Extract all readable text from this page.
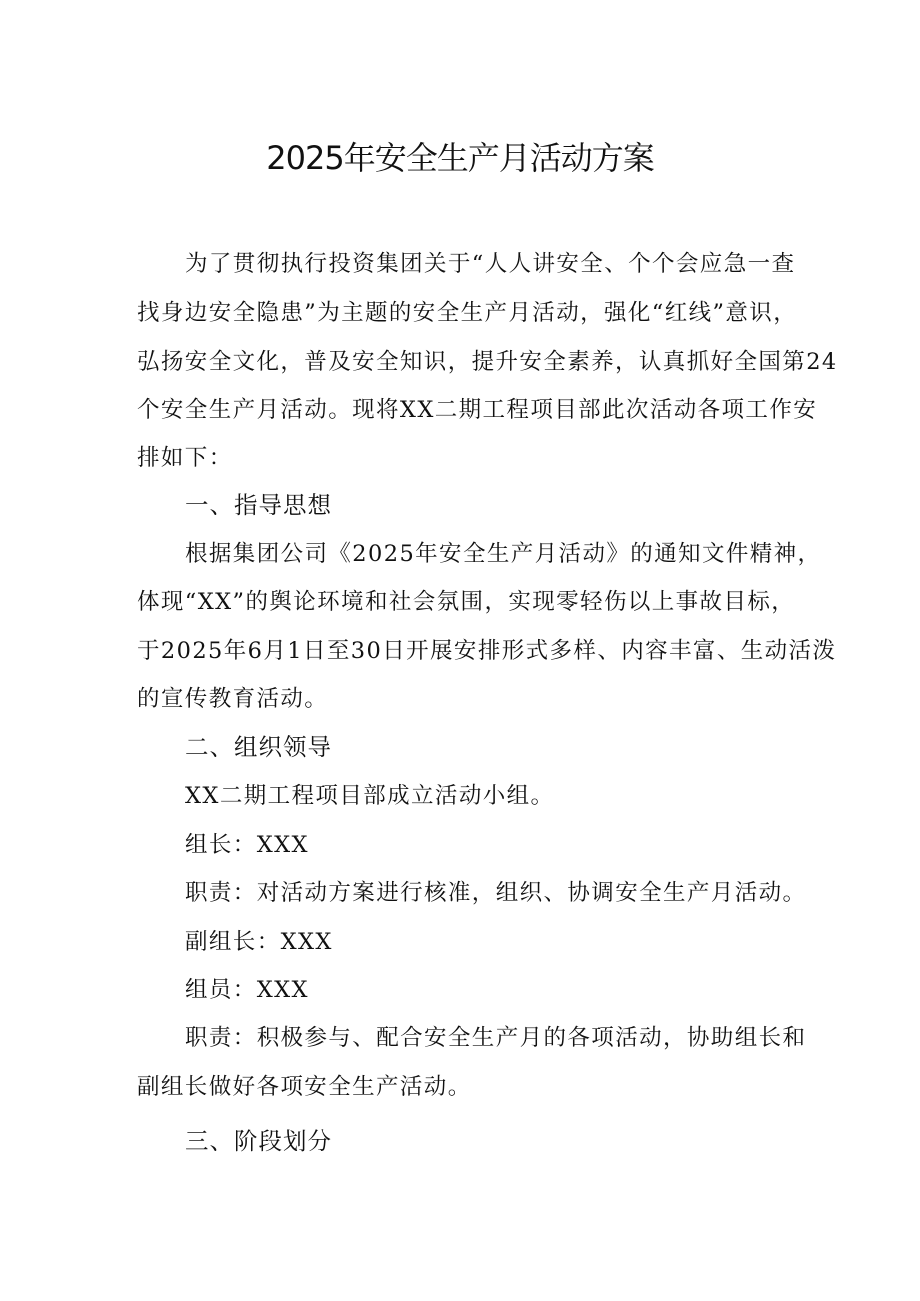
2025年安全生产月活动方案
为了贯彻执行投资集团关于“人人讲安全、个个会应急一查
找身边安全隐患”为主题的安全生产月活动，强化“红线”意识，
弘扬安全文化，普及安全知识，提升安全素养，认真抓好全国第24
个安全生产月活动。现将XX二期工程项目部此次活动各项工作安
排如下：
一、指导思想
根据集团公司《2025年安全生产月活动》的通知文件精神，
体现“XX”的舆论环境和社会氛围，实现零轻伤以上事故目标，
于2025年6月1日至30日开展安排形式多样、内容丰富、生动活泼
的宣传教育活动。
二、组织领导
XX二期工程项目部成立活动小组。
组长：XXX
职责：对活动方案进行核准，组织、协调安全生产月活动。
副组长：XXX
组员：XXX
职责：积极参与、配合安全生产月的各项活动，协助组长和
副组长做好各项安全生产活动。
三、阶段划分
